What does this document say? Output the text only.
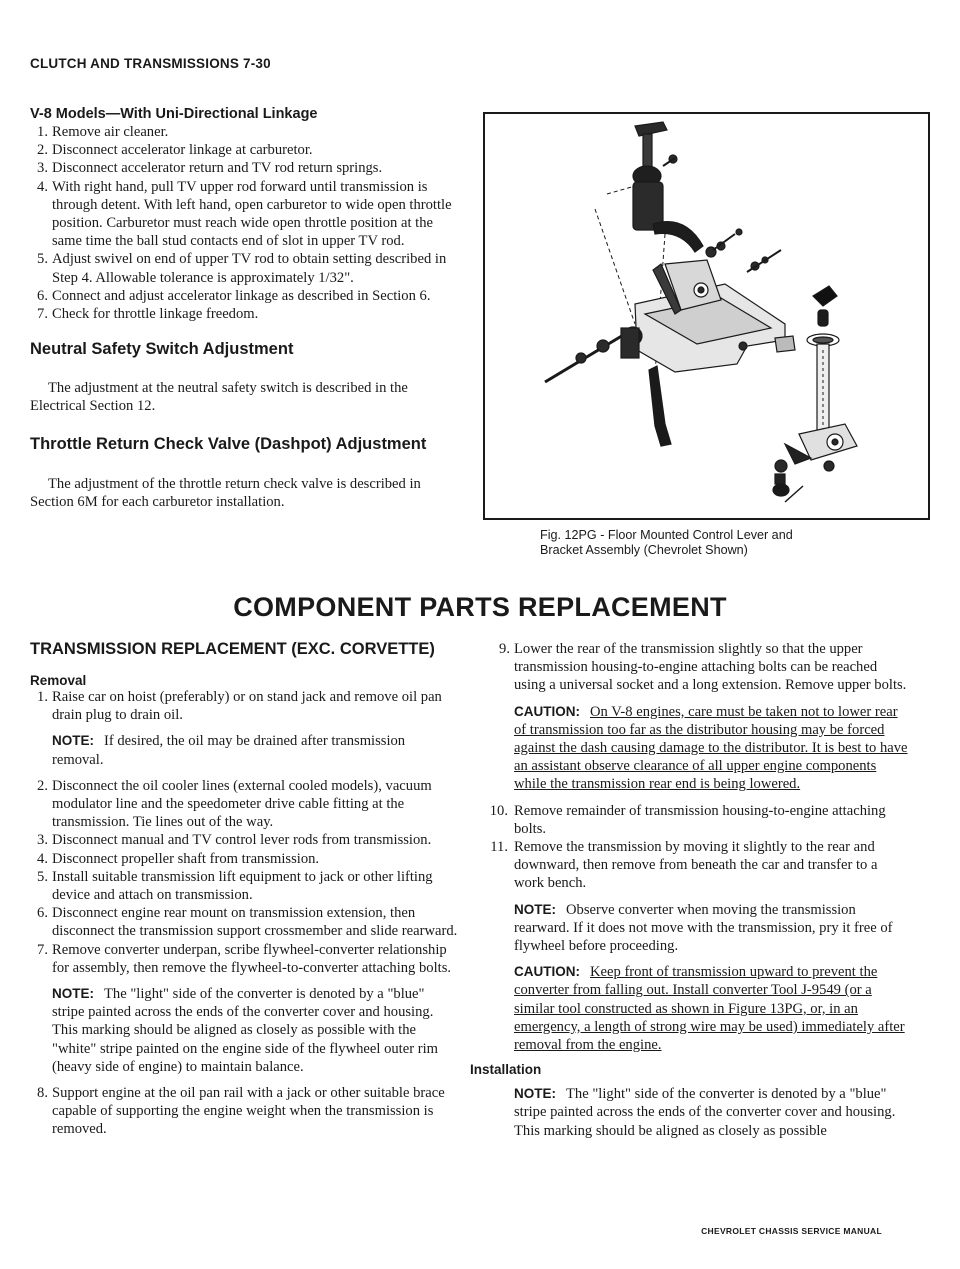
CLUTCH AND TRANSMISSIONS 7-30
V-8 Models—With Uni-Directional Linkage
1. Remove air cleaner.
2. Disconnect accelerator linkage at carburetor.
3. Disconnect accelerator return and TV rod return springs.
4. With right hand, pull TV upper rod forward until transmission is through detent. With left hand, open carburetor to wide open throttle position. Carburetor must reach wide open throttle position at the same time the ball stud contacts end of slot in upper TV rod.
5. Adjust swivel on end of upper TV rod to obtain setting described in Step 4. Allowable tolerance is approximately 1/32".
6. Connect and adjust accelerator linkage as described in Section 6.
7. Check for throttle linkage freedom.
Neutral Safety Switch Adjustment

The adjustment at the neutral safety switch is described in the Electrical Section 12.

Throttle Return Check Valve (Dashpot) Adjustment

The adjustment of the throttle return check valve is described in Section 6M for each carburetor installation.

Fig. 12PG - Floor Mounted Control Lever and
Bracket Assembly (Chevrolet Shown)
COMPONENT PARTS REPLACEMENT
TRANSMISSION REPLACEMENT (EXC. CORVETTE)
Removal
1. Raise car on hoist (preferably) or on stand jack and remove oil pan drain plug to drain oil.
NOTE: If desired, the oil may be drained after transmission removal.
2. Disconnect the oil cooler lines (external cooled models), vacuum modulator line and the speedometer drive cable fitting at the transmission. Tie lines out of the way.
3. Disconnect manual and TV control lever rods from transmission.
4. Disconnect propeller shaft from transmission.
5. Install suitable transmission lift equipment to jack or other lifting device and attach on transmission.
6. Disconnect engine rear mount on transmission extension, then disconnect the transmission support crossmember and slide rearward.
7. Remove converter underpan, scribe flywheel-converter relationship for assembly, then remove the flywheel-to-converter attaching bolts.
NOTE: The "light" side of the converter is denoted by a "blue" stripe painted across the ends of the converter cover and housing. This marking should be aligned as closely as possible with the "white" stripe painted on the engine side of the flywheel outer rim (heavy side of engine) to maintain balance.
8. Support engine at the oil pan rail with a jack or other suitable brace capable of supporting the engine weight when the transmission is removed.
9. Lower the rear of the transmission slightly so that the upper transmission housing-to-engine attaching bolts can be reached using a universal socket and a long extension. Remove upper bolts.
CAUTION: On V-8 engines, care must be taken not to lower rear of transmission too far as the distributor housing may be forced against the dash causing damage to the distributor. It is best to have an assistant observe clearance of all upper engine components while the transmission rear end is being lowered.
10. Remove remainder of transmission housing-to-engine attaching bolts.
11. Remove the transmission by moving it slightly to the rear and downward, then remove from beneath the car and transfer to a work bench.
NOTE: Observe converter when moving the transmission rearward. If it does not move with the transmission, pry it free of flywheel before proceeding.
CAUTION: Keep front of transmission upward to prevent the converter from falling out. Install converter Tool J-9549 (or a similar tool constructed as shown in Figure 13PG, or, in an emergency, a length of strong wire may be used) immediately after removal from the engine.
Installation
NOTE: The "light" side of the converter is denoted by a "blue" stripe painted across the ends of the converter cover and housing. This marking should be aligned as closely as possible
CHEVROLET CHASSIS SERVICE MANUAL
